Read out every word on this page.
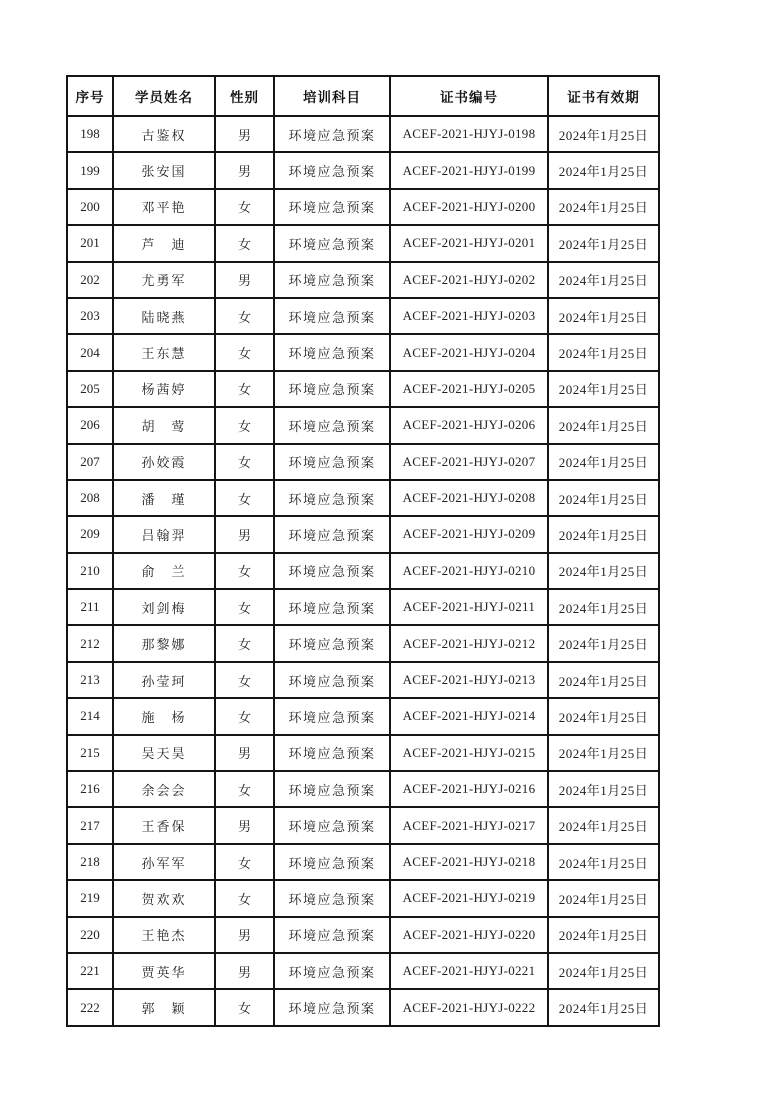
序号	学员姓名	性别	培训科目	证书编号	证书有效期
198	古鉴权	男	环境应急预案	ACEF-2021-HJYJ-0198	2024年1月25日
199	张安国	男	环境应急预案	ACEF-2021-HJYJ-0199	2024年1月25日
200	邓平艳	女	环境应急预案	ACEF-2021-HJYJ-0200	2024年1月25日
201	芦　迪	女	环境应急预案	ACEF-2021-HJYJ-0201	2024年1月25日
202	尤勇军	男	环境应急预案	ACEF-2021-HJYJ-0202	2024年1月25日
203	陆晓燕	女	环境应急预案	ACEF-2021-HJYJ-0203	2024年1月25日
204	王东慧	女	环境应急预案	ACEF-2021-HJYJ-0204	2024年1月25日
205	杨茜婷	女	环境应急预案	ACEF-2021-HJYJ-0205	2024年1月25日
206	胡　莺	女	环境应急预案	ACEF-2021-HJYJ-0206	2024年1月25日
207	孙姣霞	女	环境应急预案	ACEF-2021-HJYJ-0207	2024年1月25日
208	潘　瑾	女	环境应急预案	ACEF-2021-HJYJ-0208	2024年1月25日
209	吕翰羿	男	环境应急预案	ACEF-2021-HJYJ-0209	2024年1月25日
210	俞　兰	女	环境应急预案	ACEF-2021-HJYJ-0210	2024年1月25日
211	刘剑梅	女	环境应急预案	ACEF-2021-HJYJ-0211	2024年1月25日
212	那黎娜	女	环境应急预案	ACEF-2021-HJYJ-0212	2024年1月25日
213	孙莹珂	女	环境应急预案	ACEF-2021-HJYJ-0213	2024年1月25日
214	施　杨	女	环境应急预案	ACEF-2021-HJYJ-0214	2024年1月25日
215	吴天昊	男	环境应急预案	ACEF-2021-HJYJ-0215	2024年1月25日
216	余会会	女	环境应急预案	ACEF-2021-HJYJ-0216	2024年1月25日
217	王香保	男	环境应急预案	ACEF-2021-HJYJ-0217	2024年1月25日
218	孙军军	女	环境应急预案	ACEF-2021-HJYJ-0218	2024年1月25日
219	贺欢欢	女	环境应急预案	ACEF-2021-HJYJ-0219	2024年1月25日
220	王艳杰	男	环境应急预案	ACEF-2021-HJYJ-0220	2024年1月25日
221	贾英华	男	环境应急预案	ACEF-2021-HJYJ-0221	2024年1月25日
222	郭　颖	女	环境应急预案	ACEF-2021-HJYJ-0222	2024年1月25日
